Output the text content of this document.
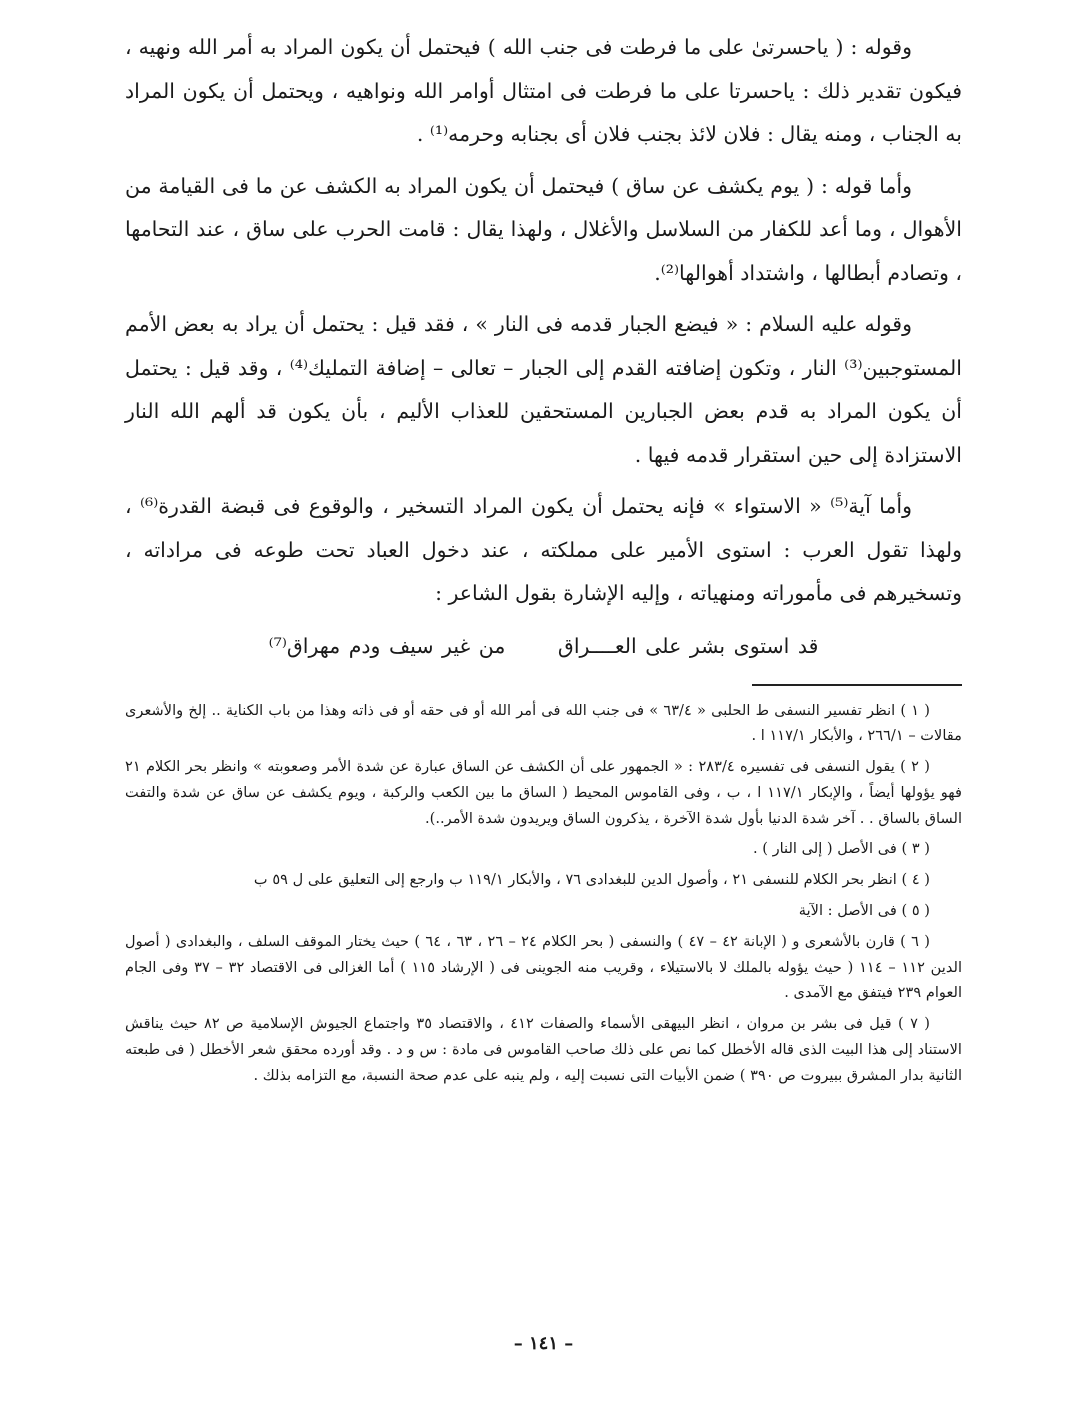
وقوله : ( ياحسرتىٰ على ما فرطت فى جنب الله ) فيحتمل أن يكون المراد به أمر الله ونهيه ، فيكون تقدير ذلك : ياحسرتا على ما فرطت فى امتثال أوامر الله ونواهيه ، ويحتمل أن يكون المراد به الجناب ، ومنه يقال : فلان لائذ بجنب فلان أى بجنابه وحرمه⁽¹⁾ .

وأما قوله : ( يوم يكشف عن ساق ) فيحتمل أن يكون المراد به الكشف عن ما فى القيامة من الأهوال ، وما أعد للكفار من السلاسل والأغلال ، ولهذا يقال : قامت الحرب على ساق ، عند التحامها ، وتصادم أبطالها ، واشتداد أهوالها⁽²⁾.

وقوله عليه السلام : « فيضع الجبار قدمه فى النار » ، فقد قيل : يحتمل أن يراد به بعض الأمم المستوجبين⁽³⁾ النار ، وتكون إضافته القدم إلى الجبار – تعالى – إضافة التمليك⁽⁴⁾ ، وقد قيل : يحتمل أن يكون المراد به قدم بعض الجبارين المستحقين للعذاب الأليم ، بأن يكون قد ألهم الله النار الاستزادة إلى حين استقرار قدمه فيها .

وأما آية⁽⁵⁾ « الاستواء » فإنه يحتمل أن يكون المراد التسخير ، والوقوع فى قبضة القدرة⁽⁶⁾ ، ولهذا تقول العرب : استوى الأمير على مملكته ، عند دخول العباد تحت طوعه فى مراداته ، وتسخيرهم فى مأموراته ومنهياته ، وإليه الإشارة بقول الشاعر :

قد استوى بشر على العــــراق من غير سيف ودم مهراق⁽⁷⁾

( ١ ) انظر تفسير النسفى ط الحلبى « ٦٣/٤ » فى جنب الله فى أمر الله أو فى حقه أو فى ذاته وهذا من باب الكناية .. إلخ والأشعرى مقالات – ٢٦٦/١ ، والأبكار ١١٧/١ ا .

( ٢ ) يقول النسفى فى تفسيره ٢٨٣/٤ : « الجمهور على أن الكشف عن الساق عبارة عن شدة الأمر وصعوبته » وانظر بحر الكلام ٢١ فهو يؤولها أيضاً ، والإبكار ١١٧/١ ا ، ب ، وفى القاموس المحيط ( الساق ما بين الكعب والركبة ، ويوم يكشف عن ساق عن شدة والتفت الساق بالساق . . آخر شدة الدنيا بأول شدة الآخرة ، يذكرون الساق ويريدون شدة الأمر..).

( ٣ ) فى الأصل ( إلى النار ) .

( ٤ ) انظر بحر الكلام للنسفى ٢١ ، وأصول الدين للبغدادى ٧٦ ، والأبكار ١١٩/١ ب وارجع إلى التعليق على ل ٥٩ ب

( ٥ ) فى الأصل : الآية

( ٦ ) قارن بالأشعرى و ( الإبانة ٤٢ – ٤٧ ) والنسفى ( بحر الكلام ٢٤ – ٢٦ ، ٦٣ ، ٦٤ ) حيث يختار الموقف السلف ، والبغدادى ( أصول الدين ١١٢ – ١١٤ ( حيث يؤوله بالملك لا بالاستيلاء ، وقريب منه الجوينى فى ( الإرشاد ١١٥ ) أما الغزالى فى الاقتصاد ٣٢ – ٣٧ وفى الجام العوام ٢٣٩ فيتفق مع الآمدى .

( ٧ ) قيل فى بشر بن مروان ، انظر البيهقى الأسماء والصفات ٤١٢ ، والاقتصاد ٣٥ واجتماع الجيوش الإسلامية ص ٨٢ حيث يناقش الاستناد إلى هذا البيت الذى قاله الأخطل كما نص على ذلك صاحب القاموس فى مادة : س و د . وقد أورده محقق شعر الأخطل ( فى طبعته الثانية بدار المشرق ببيروت ص ٣٩٠ ) ضمن الأبيات التى نسبت إليه ، ولم ينبه على عدم صحة النسبة، مع التزامه بذلك .

– ١٤١ –
